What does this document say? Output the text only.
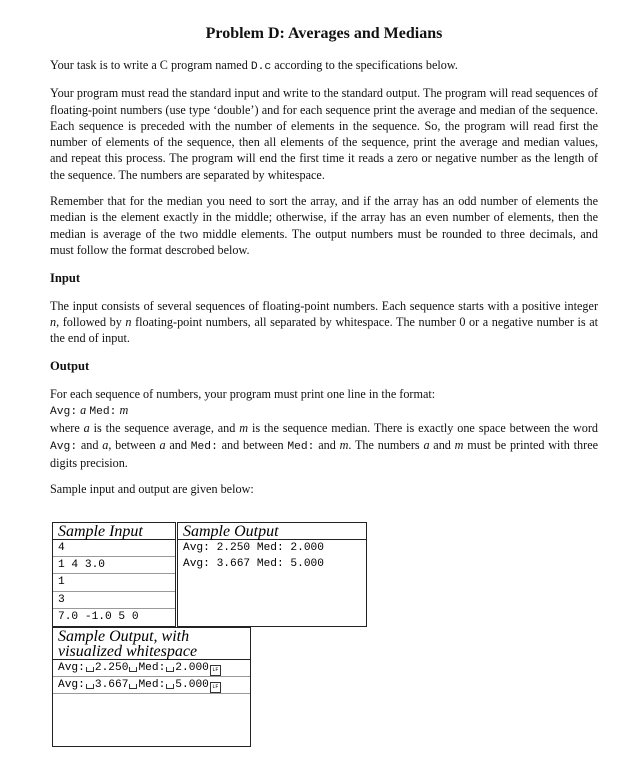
Problem D: Averages and Medians

Your task is to write a C program named D.c according to the specifications below.

Your program must read the standard input and write to the standard output. The program will read sequences of floating-point numbers (use type ‘double’) and for each sequence print the average and median of the sequence. Each sequence is preceded with the number of elements in the sequence. So, the program will read first the number of elements of the sequence, then all elements of the sequence, print the average and median values, and repeat this process. The program will end the first time it reads a zero or negative number as the length of the sequence. The numbers are separated by whitespace.

Remember that for the median you need to sort the array, and if the array has an odd number of elements the median is the element exactly in the middle; otherwise, if the array has an even number of elements, then the median is average of the two middle elements. The output numbers must be rounded to three decimals, and must follow the format descrobed below.

Input

The input consists of several sequences of floating-point numbers. Each sequence starts with a positive integer n, followed by n floating-point numbers, all separated by whitespace. The number 0 or a negative number is at the end of input.

Output
For each sequence of numbers, your program must print one line in the format:
Avg: a Med: m

where a is the sequence average, and m is the sequence median. There is exactly one space between the word Avg: and a, between a and Med: and between Med: and m. The numbers a and m must be printed with three digits precision.

Sample input and output are given below:
Sample Input
4
1 4 3.0
1
3
7.0 -1.0 5 0
Sample Output
Avg: 2.250 Med: 2.000
Avg: 3.667 Med: 5.000
Sample Output, with
visualized whitespace
Avg: 2.250 Med: 2.000 LF
Avg: 3.667 Med: 5.000 LF
